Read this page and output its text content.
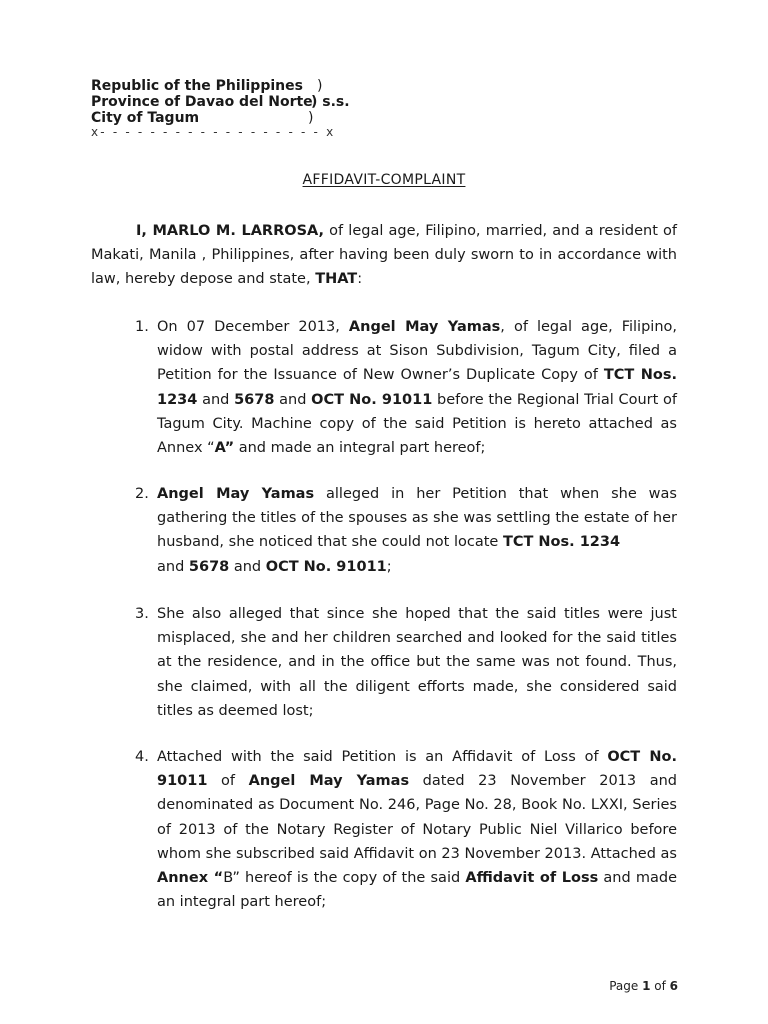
Republic of the Philippines )
Province of Davao del Norte
) s.s.
City of Tagum	)
x- - - - - - - - - - - - - - - - - - x
AFFIDAVIT-COMPLAINT

I, MARLO M. LARROSA, of legal age, Filipino, married, and a resident of Makati, Manila , Philippines, after having been duly sworn to in accordance with law, hereby depose and state, THAT:

1. On 07 December 2013, Angel May Yamas, of legal age, Filipino, widow with postal address at Sison Subdivision, Tagum City, filed a Petition for the Issuance of New Owner’s Duplicate Copy of TCT Nos. 1234 and 5678 and OCT No. 91011 before the Regional Trial Court of Tagum City. Machine copy of the said Petition is hereto attached as Annex “A” and made an integral part hereof;
2. Angel May Yamas alleged in her Petition that when she was gathering the titles of the spouses as she was settling the estate of her husband, she noticed that she could not locate TCT Nos. 1234
and 5678 and OCT No. 91011;
3. She also alleged that since she hoped that the said titles were just misplaced, she and her children searched and looked for the said titles at the residence, and in the office but the same was not found. Thus, she claimed, with all the diligent efforts made, she considered said titles as deemed lost;
4. Attached with the said Petition is an Affidavit of Loss of OCT No. 91011 of Angel May Yamas dated 23 November 2013 and denominated as Document No. 246, Page No. 28, Book No. LXXI, Series of 2013 of the Notary Register of Notary Public Niel Villarico before whom she subscribed said Affidavit on 23 November 2013. Attached as Annex “B” hereof is the copy of the said Affidavit of Loss and made an integral part hereof;
Page 1 of 6
